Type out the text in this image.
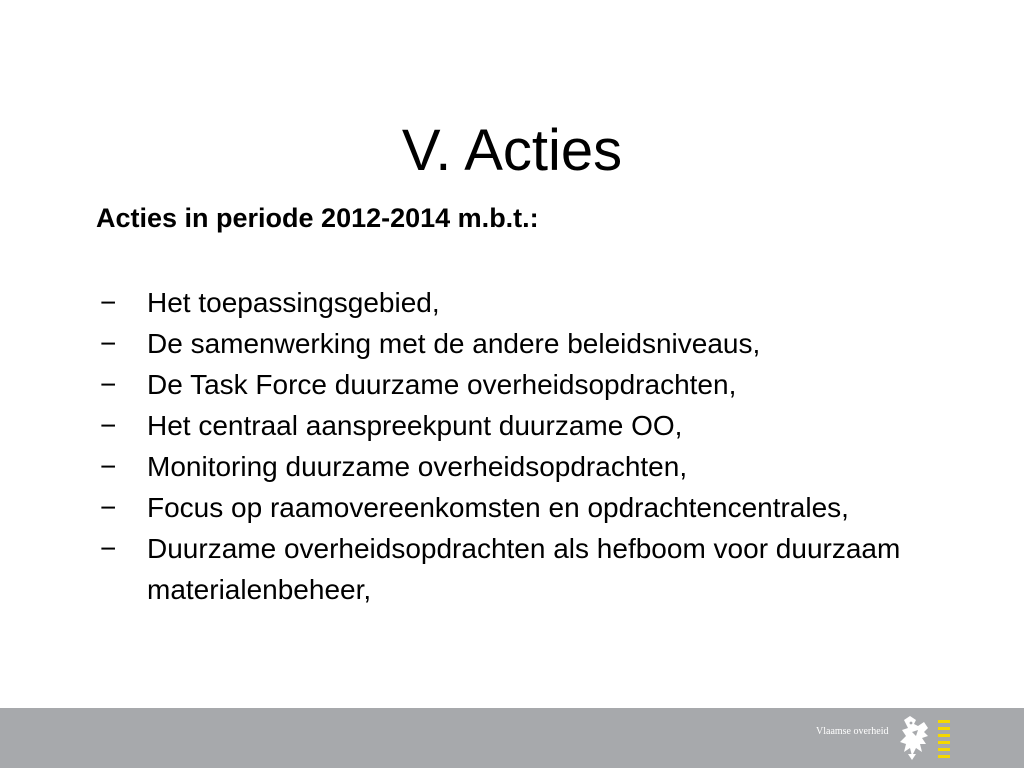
V. Acties
Acties in periode 2012-2014 m.b.t.:
− Het toepassingsgebied,
− De samenwerking met de andere beleidsniveaus,
− De Task Force duurzame overheidsopdrachten,
− Het centraal aanspreekpunt duurzame OO,
− Monitoring duurzame overheidsopdrachten,
− Focus op raamovereenkomsten en opdrachtencentrales,
− Duurzame overheidsopdrachten als hefboom voor duurzaam materialenbeheer,
Vlaamse overheid
